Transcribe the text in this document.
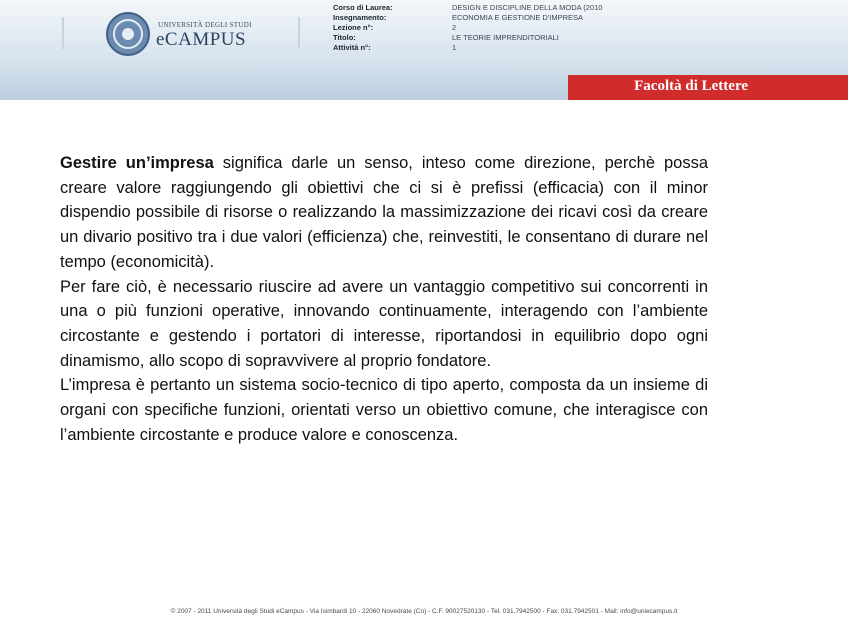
UNIVERSITÀ DEGLI STUDI
eCAMPUS
Corso di Laurea:
Insegnamento:
Lezione n°:
Titolo:
Attività n°:
DESIGN E DISCIPLINE DELLA MODA (2010
ECONOMIA E GESTIONE D'IMPRESA
2
LE TEORIE IMPRENDITORIALI
1
Facoltà di Lettere

Gestire un’impresa significa darle un senso, inteso come direzione, perchè possa creare valore raggiungendo gli obiettivi che ci si è prefissi (efficacia) con il minor dispendio possibile di risorse o realizzando la massimizzazione dei ricavi così da creare un divario positivo tra i due valori (efficienza) che, reinvestiti, le consentano di durare nel tempo (economicità).

Per fare ciò, è necessario riuscire ad avere un vantaggio competitivo sui concorrenti in una o più funzioni operative, innovando continuamente, interagendo con l’ambiente circostante e gestendo i portatori di interesse, riportandosi in equilibrio dopo ogni dinamismo, allo scopo di sopravvivere al proprio fondatore.

L’impresa è pertanto un sistema socio-tecnico di tipo aperto, composta da un insieme di organi con specifiche funzioni, orientati verso un obiettivo comune, che interagisce con l’ambiente circostante e produce valore e conoscenza.

© 2007 - 2011 Università degli Studi eCampus - Via Isimbardi 10 - 22060 Novedrate (Co) - C.F. 90027520130 - Tel. 031.7942500 - Fax: 031.7942501 - Mail: info@uniecampus.it
